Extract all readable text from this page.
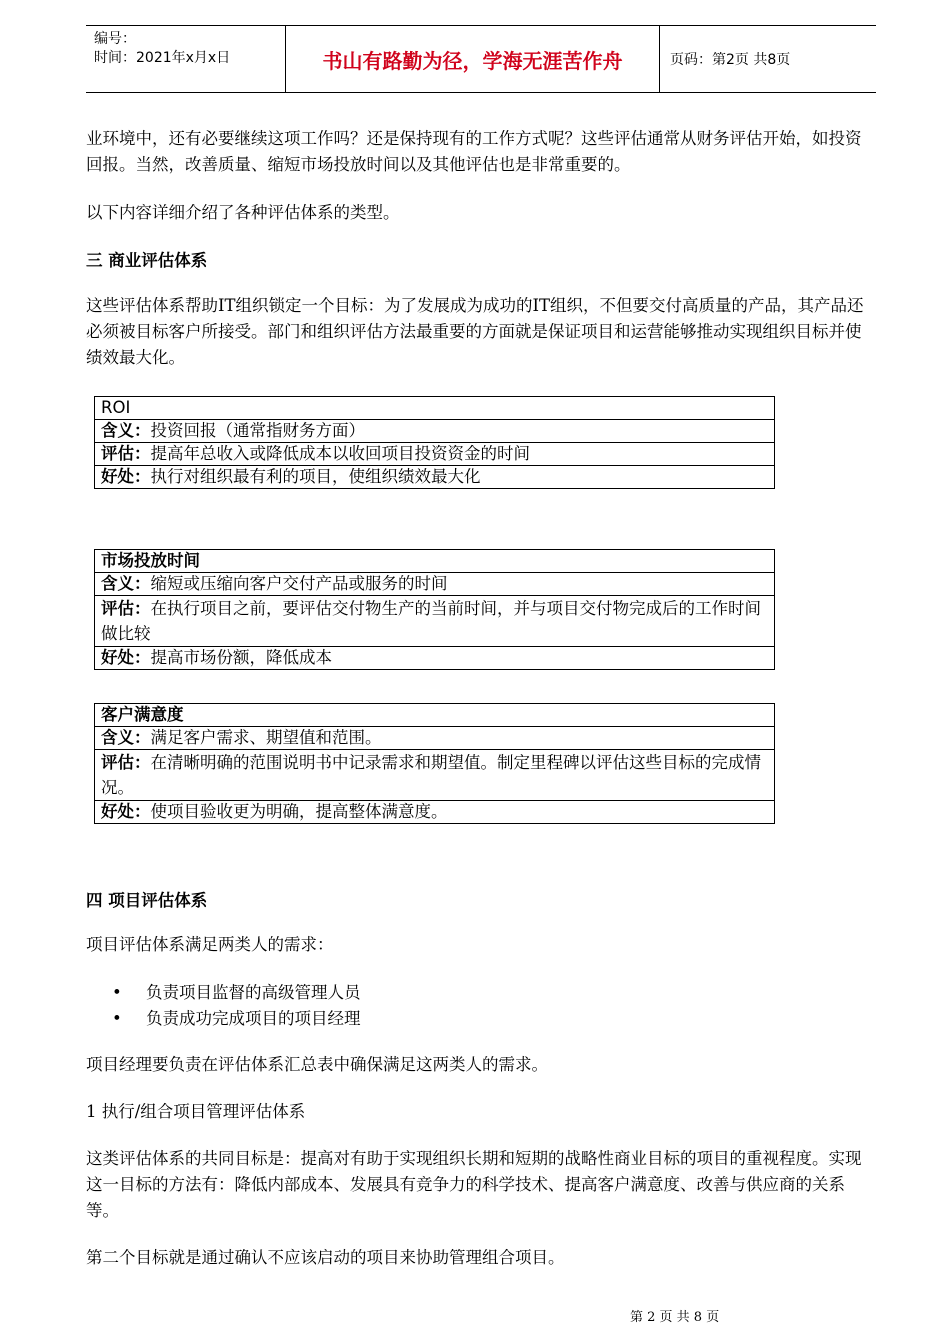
编号：
时间：2021年x月x日	书山有路勤为径，学海无涯苦作舟	页码：第2页 共8页

业环境中，还有必要继续这项工作吗？还是保持现有的工作方式呢？这些评估通常从财务评估开始，如投资回报。当然，改善质量、缩短市场投放时间以及其他评估也是非常重要的。

以下内容详细介绍了各种评估体系的类型。

三 商业评估体系

这些评估体系帮助IT组织锁定一个目标：为了发展成为成功的IT组织，不但要交付高质量的产品，其产品还必须被目标客户所接受。部门和组织评估方法最重要的方面就是保证项目和运营能够推动实现组织目标并使绩效最大化。

ROI
含义：投资回报（通常指财务方面）
评估：提高年总收入或降低成本以收回项目投资资金的时间
好处：执行对组织最有利的项目，使组织绩效最大化
市场投放时间
含义：缩短或压缩向客户交付产品或服务的时间
评估：在执行项目之前，要评估交付物生产的当前时间，并与项目交付物完成后的工作时间做比较
好处：提高市场份额，降低成本
客户满意度
含义：满足客户需求、期望值和范围。
评估：在清晰明确的范围说明书中记录需求和期望值。制定里程碑以评估这些目标的完成情况。
好处：使项目验收更为明确，提高整体满意度。

四 项目评估体系

项目评估体系满足两类人的需求：

• 负责项目监督的高级管理人员
• 负责成功完成项目的项目经理

项目经理要负责在评估体系汇总表中确保满足这两类人的需求。

1 执行/组合项目管理评估体系

这类评估体系的共同目标是：提高对有助于实现组织长期和短期的战略性商业目标的项目的重视程度。实现这一目标的方法有：降低内部成本、发展具有竞争力的科学技术、提高客户满意度、改善与供应商的关系等。

第二个目标就是通过确认不应该启动的项目来协助管理组合项目。

第 2 页 共 8 页
